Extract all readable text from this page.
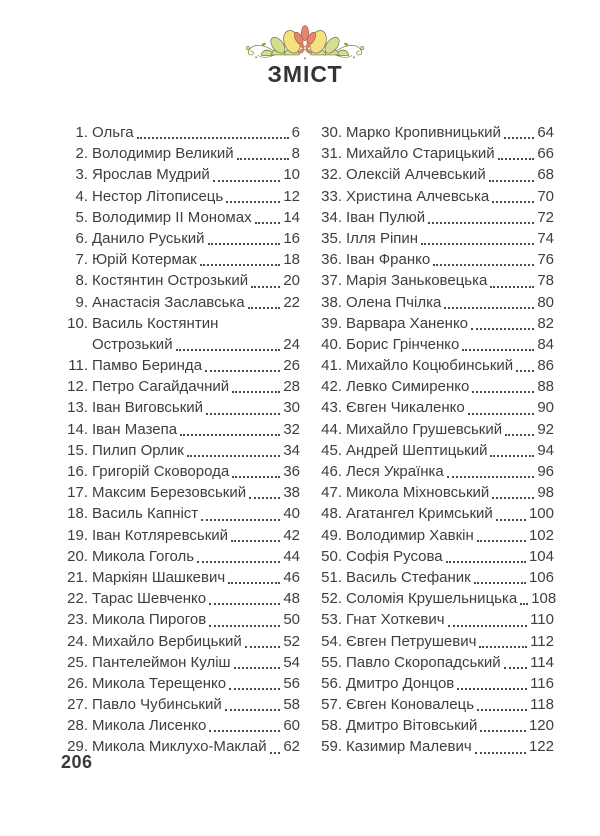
ЗМІСТ
1. Ольга	6
2. Володимир Великий	8
3. Ярослав Мудрий	10
4. Нестор Літописець	12
5. Володимир II Мономах 14
6. Данило Руський	16
7. Юрій Котермак	18
8. Костянтин Острозький 20
9. Анастасія Заславська	22
10. Василь Костянтин
Острозький	24
11. Памво Беринда	26
12. Петро Сагайдачний	28
13. Іван Виговський	30
14. Іван Мазепа	32
15. Пилип Орлик	34
16. Григорій Сковорода	36
17. Максим Березовський 38
18. Василь Капніст	40
19. Іван Котляревський	42
20. Микола Гоголь	44
21. Маркіян Шашкевич	46
22. Тарас Шевченко	48
23. Микола Пирогов	50
24. Михайло Вербицький	52
25. Пантелеймон Куліш	54
26. Микола Терещенко	56
27. Павло Чубинський	58
28. Микола Лисенко	60
29. Микола Миклухо-Маклай 62
30. Марко Кропивницький 64
31. Михайло Старицький	66
32. Олексій Алчевський	68
33. Христина Алчевська	70
34. Іван Пулюй	72
35. Ілля Ріпин	74
36. Іван Франко	76
37. Марія Заньковецька	78
38. Олена Пчілка	80
39. Варвара Ханенко	82
40. Борис Грінченко	84
41. Михайло Коцюбинський 86
42. Левко Симиренко	88
43. Євген Чикаленко	90
44. Михайло Грушевський 92
45. Андрей Шептицький	94
46. Леся Українка	96
47. Микола Міхновський	98
48. Агатангел Кримський 100
49. Володимир Хавкін	102
50. Софія Русова	104
51. Василь Стефаник	106
52. Соломія Крушельницька 108
53. Гнат Хоткевич	110
54. Євген Петрушевич	112
55. Павло Скоропадський 114
56. Дмитро Донцов	116
57. Євген Коновалець	118
58. Дмитро Вітовський	120
59. Казимир Малевич	122
206
